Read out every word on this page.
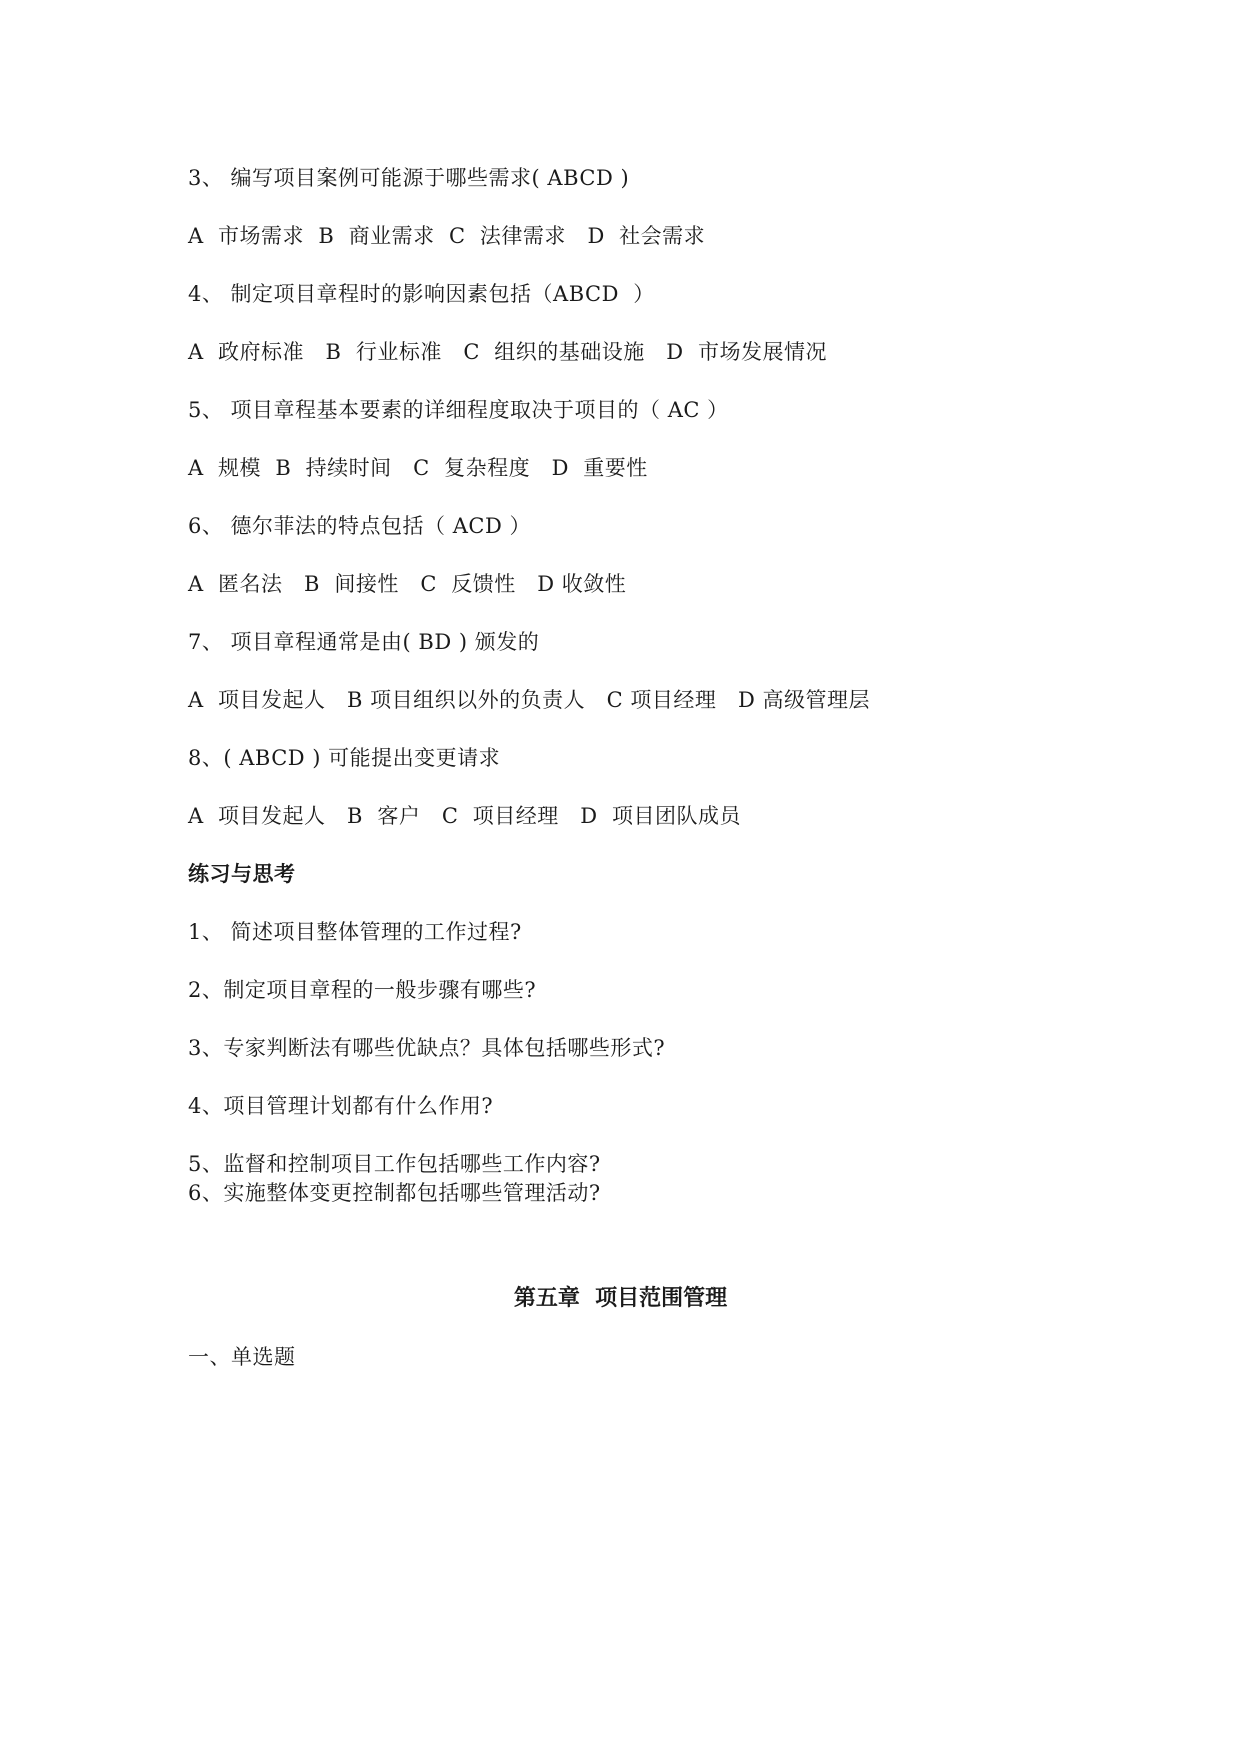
3、 编写项目案例可能源于哪些需求( ABCD )
A  市场需求  B  商业需求  C  法律需求   D  社会需求
4、 制定项目章程时的影响因素包括（ABCD  ）
A  政府标准   B  行业标准   C  组织的基础设施   D  市场发展情况
5、 项目章程基本要素的详细程度取决于项目的（ AC ）
A  规模  B  持续时间   C  复杂程度   D  重要性
6、 德尔菲法的特点包括（ ACD ）
A  匿名法   B  间接性   C  反馈性   D 收敛性
7、 项目章程通常是由( BD ) 颁发的
A  项目发起人   B 项目组织以外的负责人   C 项目经理   D 高级管理层
8、( ABCD ) 可能提出变更请求
A  项目发起人   B  客户   C  项目经理   D  项目团队成员
练习与思考
1、 简述项目整体管理的工作过程?
2、制定项目章程的一般步骤有哪些?
3、专家判断法有哪些优缺点？具体包括哪些形式?
4、项目管理计划都有什么作用?
5、监督和控制项目工作包括哪些工作内容?
6、实施整体变更控制都包括哪些管理活动?
第五章  项目范围管理
一、单选题
